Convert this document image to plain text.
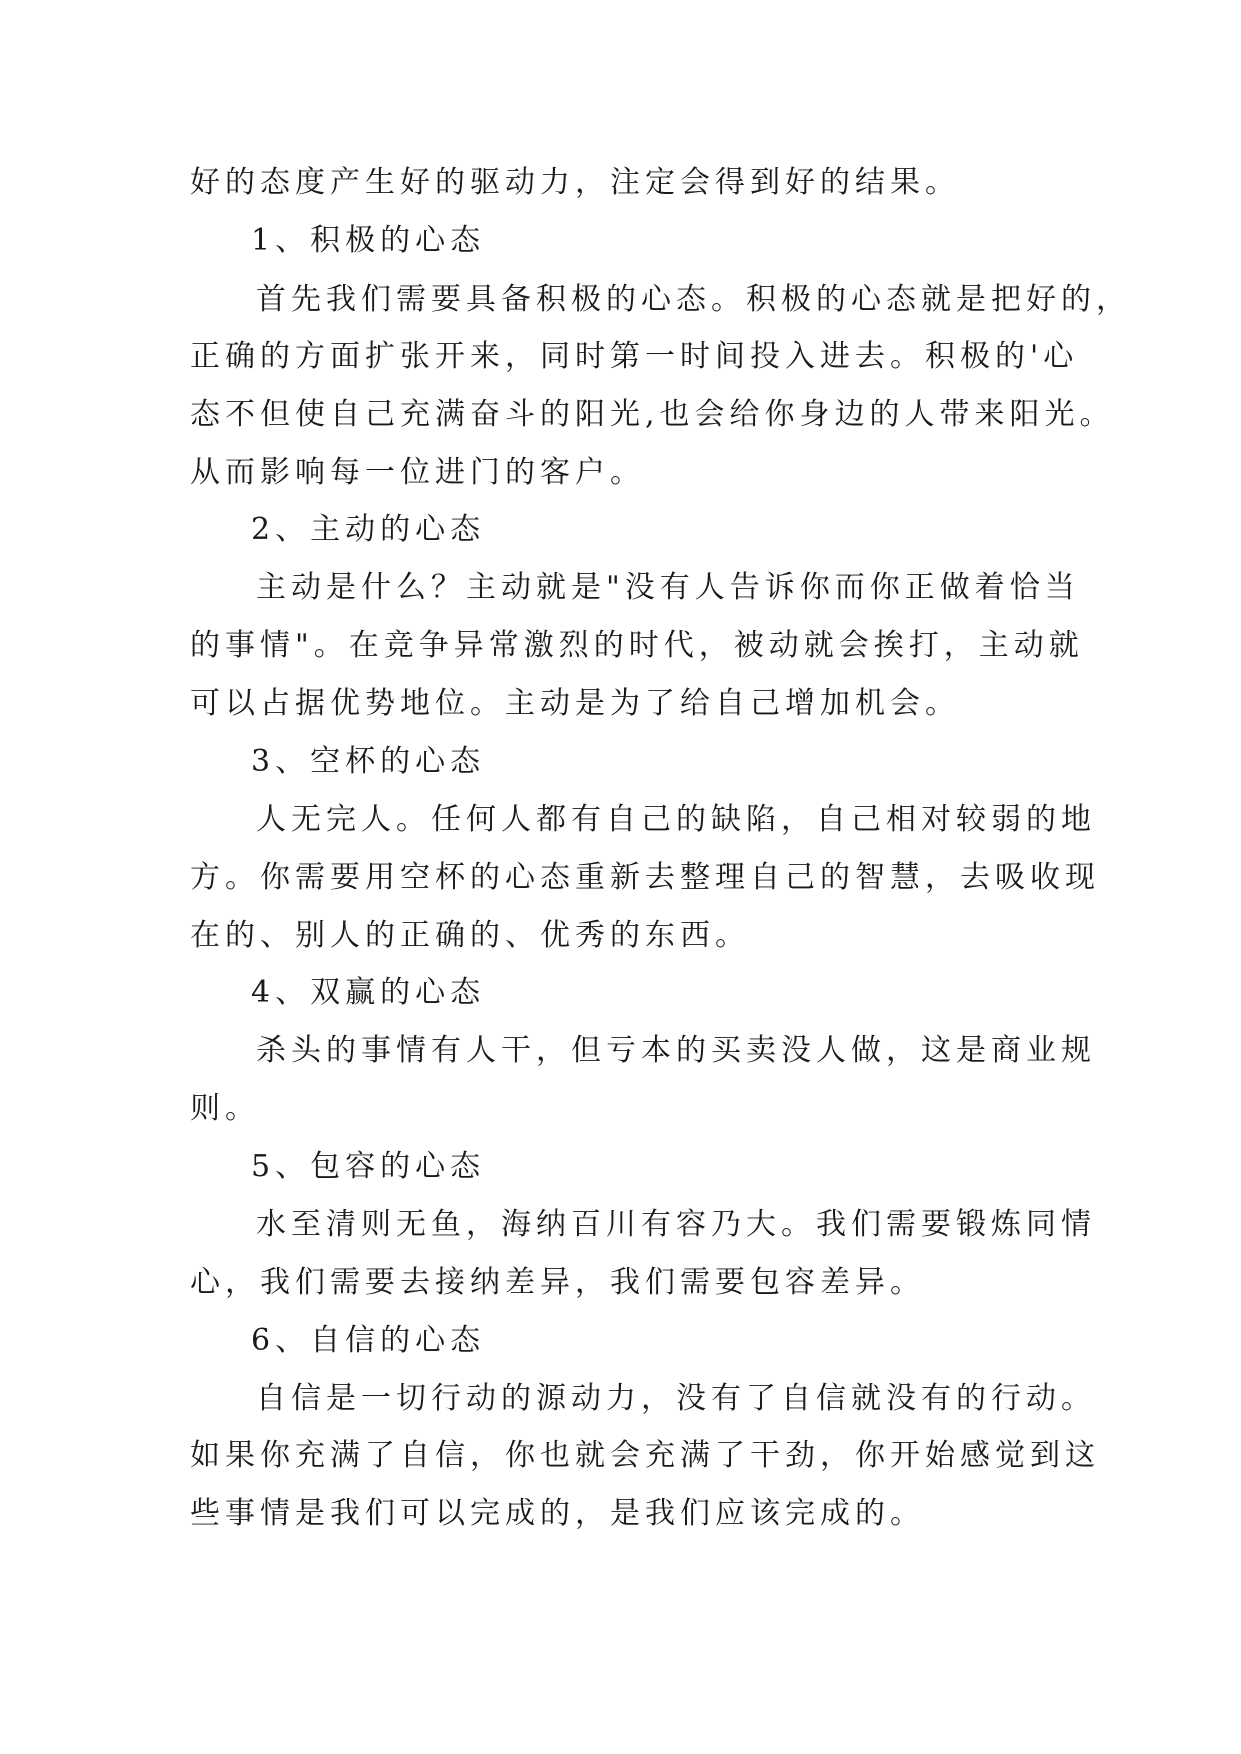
好的态度产生好的驱动力，注定会得到好的结果。
1、积极的心态
首先我们需要具备积极的心态。积极的心态就是把好的，
正确的方面扩张开来，同时第一时间投入进去。积极的'心
态不但使自己充满奋斗的阳光,也会给你身边的人带来阳光。
从而影响每一位进门的客户。
2、主动的心态
主动是什么？主动就是"没有人告诉你而你正做着恰当
的事情"。在竞争异常激烈的时代，被动就会挨打，主动就
可以占据优势地位。主动是为了给自己增加机会。
3、空杯的心态
人无完人。任何人都有自己的缺陷，自己相对较弱的地
方。你需要用空杯的心态重新去整理自己的智慧，去吸收现
在的、别人的正确的、优秀的东西。
4、双赢的心态
杀头的事情有人干，但亏本的买卖没人做，这是商业规
则。
5、包容的心态
水至清则无鱼，海纳百川有容乃大。我们需要锻炼同情
心，我们需要去接纳差异，我们需要包容差异。
6、自信的心态
自信是一切行动的源动力，没有了自信就没有的行动。
如果你充满了自信，你也就会充满了干劲，你开始感觉到这
些事情是我们可以完成的，是我们应该完成的。
